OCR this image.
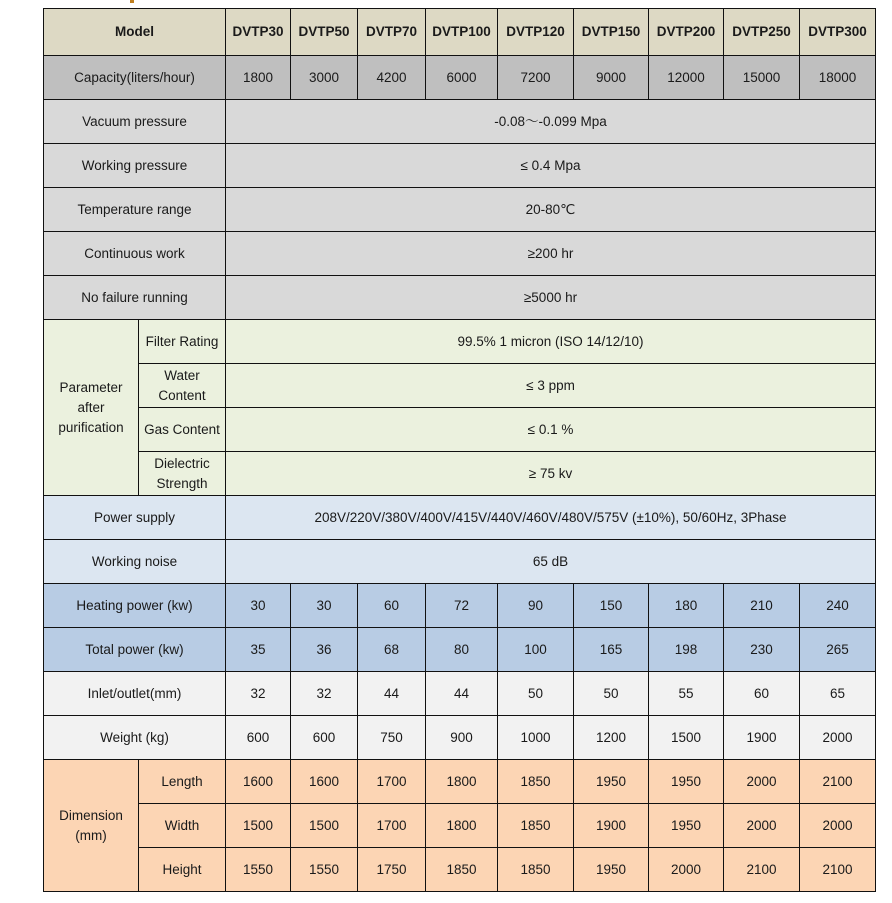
Model		DVTP30	DVTP50	DVTP70	DVTP100	DVTP120	DVTP150	DVTP200	DVTP250	DVTP300
Capacity(liters/hour)		1800	3000	4200	6000	7200	9000	12000	15000	18000
Vacuum pressure		-0.08～-0.099 Mpa								
Working pressure		≤ 0.4 Mpa								
Temperature range		20-80℃								
Continuous work		≥200 hr								
No failure running		≥5000 hr								
Parameter after purification	Filter Rating	99.5% 1 micron (ISO 14/12/10)								
	Water Content	≤ 3 ppm								
	Gas Content	≤ 0.1 %								
	Dielectric Strength	≥ 75 kv								
Power supply		208V/220V/380V/400V/415V/440V/460V/480V/575V (±10%), 50/60Hz, 3Phase								
Working noise		65 dB								
Heating power (kw)		30	30	60	72	90	150	180	210	240
Total power (kw)		35	36	68	80	100	165	198	230	265
Inlet/outlet(mm)		32	32	44	44	50	50	55	60	65
Weight (kg)		600	600	750	900	1000	1200	1500	1900	2000
Dimension (mm)	Length	1600	1600	1700	1800	1850	1950	1950	2000	2100
	Width	1500	1500	1700	1800	1850	1900	1950	2000	2000
	Height	1550	1550	1750	1850	1850	1950	2000	2100	2100
